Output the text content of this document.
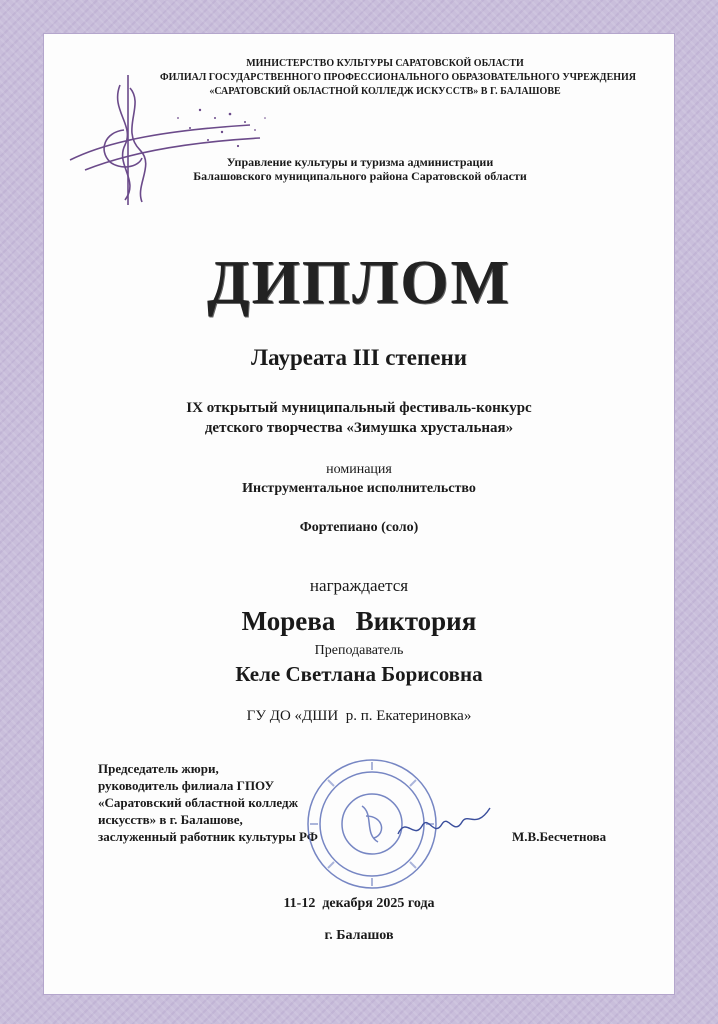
МИНИСТЕРСТВО КУЛЬТУРЫ САРАТОВСКОЙ ОБЛАСТИ
ФИЛИАЛ ГОСУДАРСТВЕННОГО ПРОФЕССИОНАЛЬНОГО ОБРАЗОВАТЕЛЬНОГО УЧРЕЖДЕНИЯ
«САРАТОВСКИЙ ОБЛАСТНОЙ КОЛЛЕДЖ ИСКУССТВ» В Г. БАЛАШОВЕ
Управление культуры и туризма администрации
Балашовского муниципального района Саратовской области
ДИПЛОМ
Лауреата III степени
IX открытый муниципальный фестиваль-конкурс
детского творчества «Зимушка хрустальная»
номинация
Инструментальное исполнительство
Фортепиано (соло)
награждается
Морева   Виктория
Преподаватель
Келе Светлана Борисовна
ГУ ДО «ДШИ  р. п. Екатериновка»
Председатель жюри,
руководитель филиала ГПОУ
«Саратовский областной колледж
искусств» в г. Балашове,
заслуженный работник культуры РФ	М.В.Бесчетнова
11-12  декабря 2025 года
г. Балашов
